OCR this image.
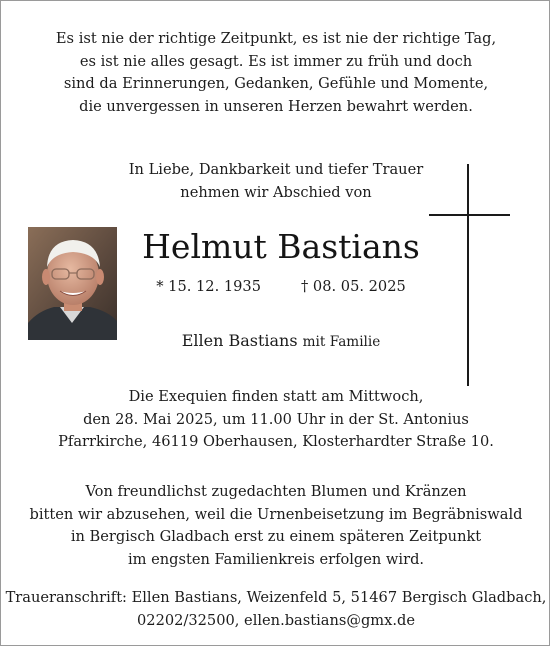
Es ist nie der richtige Zeitpunkt, es ist nie der richtige Tag,
es ist nie alles gesagt. Es ist immer zu früh und doch
sind da Erinnerungen, Gedanken, Gefühle und Momente,
die unvergessen in unseren Herzen bewahrt werden.
In Liebe, Dankbarkeit und tiefer Trauer
nehmen wir Abschied von
Helmut Bastians
* 15. 12. 1935	† 08. 05. 2025
Ellen Bastians mit Familie
Die Exequien finden statt am Mittwoch,
den 28. Mai 2025, um 11.00 Uhr in der St. Antonius
Pfarrkirche, 46119 Oberhausen, Klosterhardter Straße 10.
Von freundlichst zugedachten Blumen und Kränzen
bitten wir abzusehen, weil die Urnenbeisetzung im Begräbniswald
in Bergisch Gladbach erst zu einem späteren Zeitpunkt
im engsten Familienkreis erfolgen wird.
Traueranschrift: Ellen Bastians, Weizenfeld 5, 51467 Bergisch Gladbach,
02202/32500, ellen.bastians@gmx.de
